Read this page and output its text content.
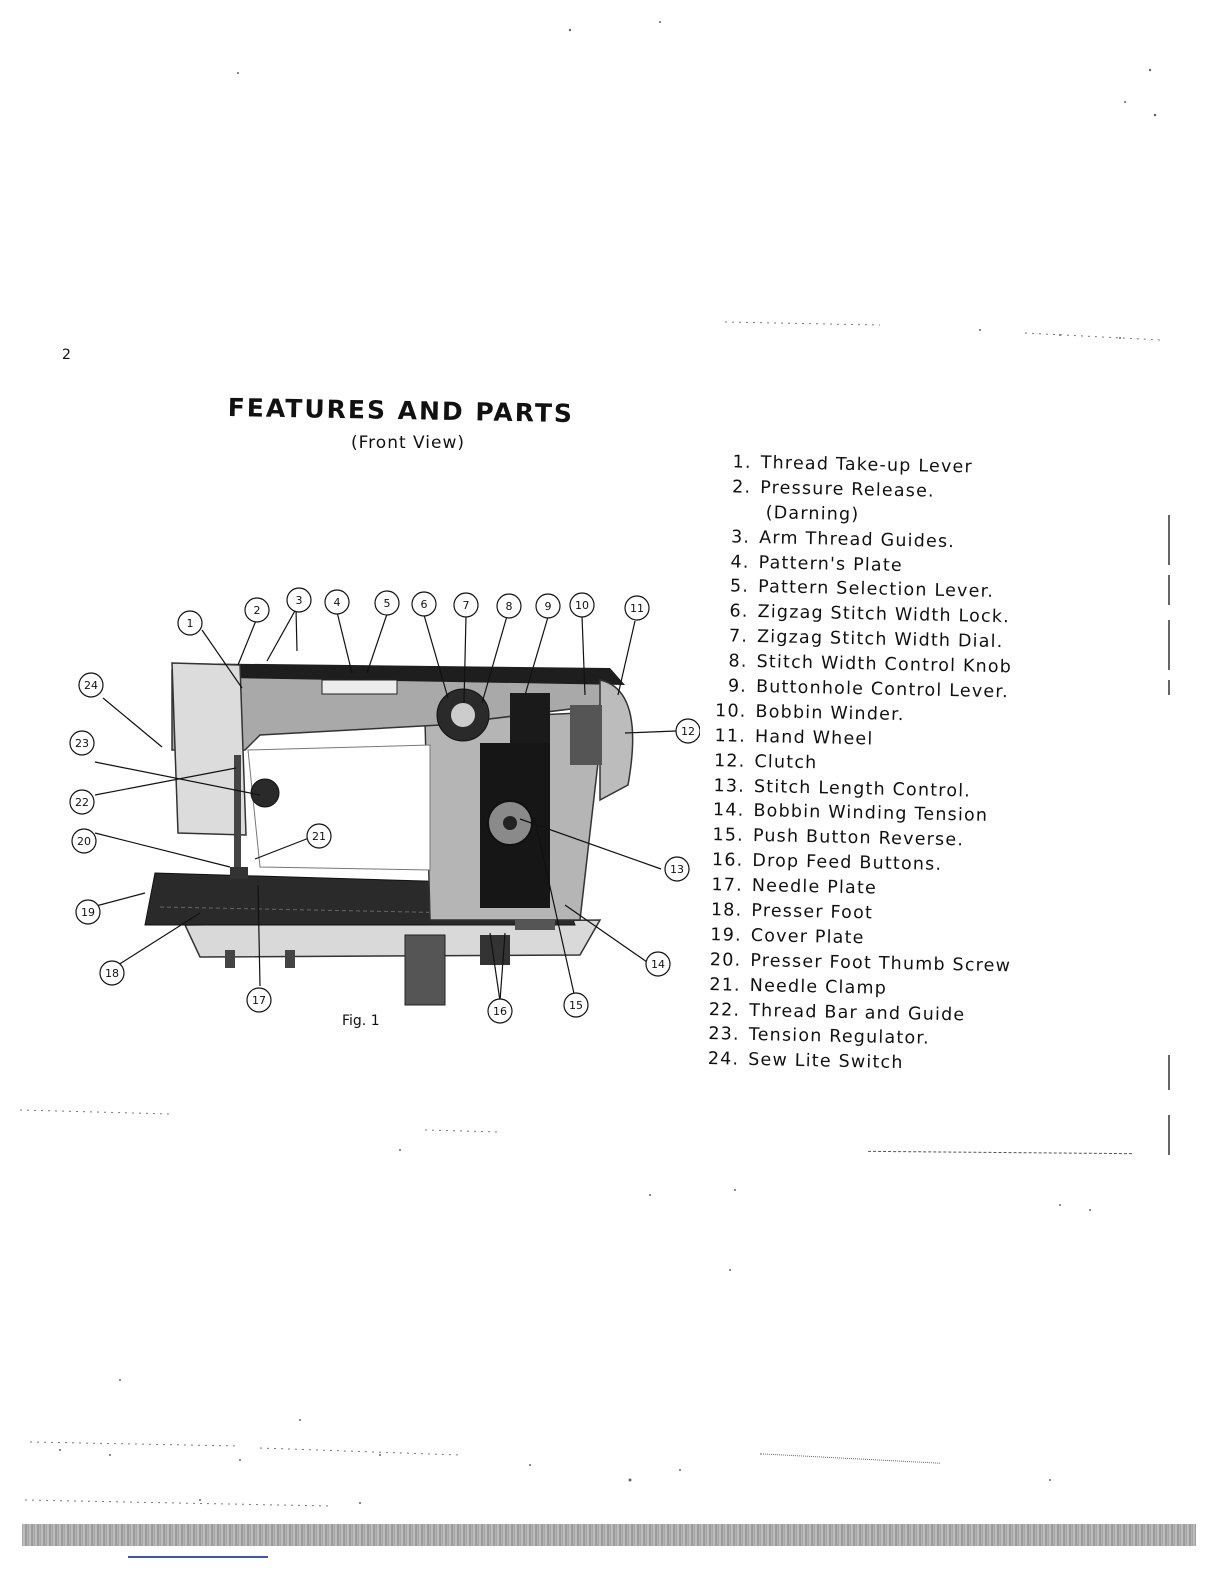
2
FEATURES AND PARTS
(Front View)
1
2
3	4	5	6	7	8	9 10	11
12
13
14
15
16
17
18
19
20	21
22
23
24
Fig. 1
1. Thread Take-up Lever
2. Pressure Release.
(Darning)
3. Arm Thread Guides.
4. Pattern's Plate
5. Pattern Selection Lever.
6. Zigzag Stitch Width Lock.
7. Zigzag Stitch Width Dial.
8. Stitch Width Control Knob
9. Buttonhole Control Lever.
10. Bobbin Winder.
11. Hand Wheel
12. Clutch
13. Stitch Length Control.
14. Bobbin Winding Tension
15. Push Button Reverse.
16. Drop Feed Buttons.
17. Needle Plate
18. Presser Foot
19. Cover Plate
20. Presser Foot Thumb Screw
21. Needle Clamp
22. Thread Bar and Guide
23. Tension Regulator.
24. Sew Lite Switch
